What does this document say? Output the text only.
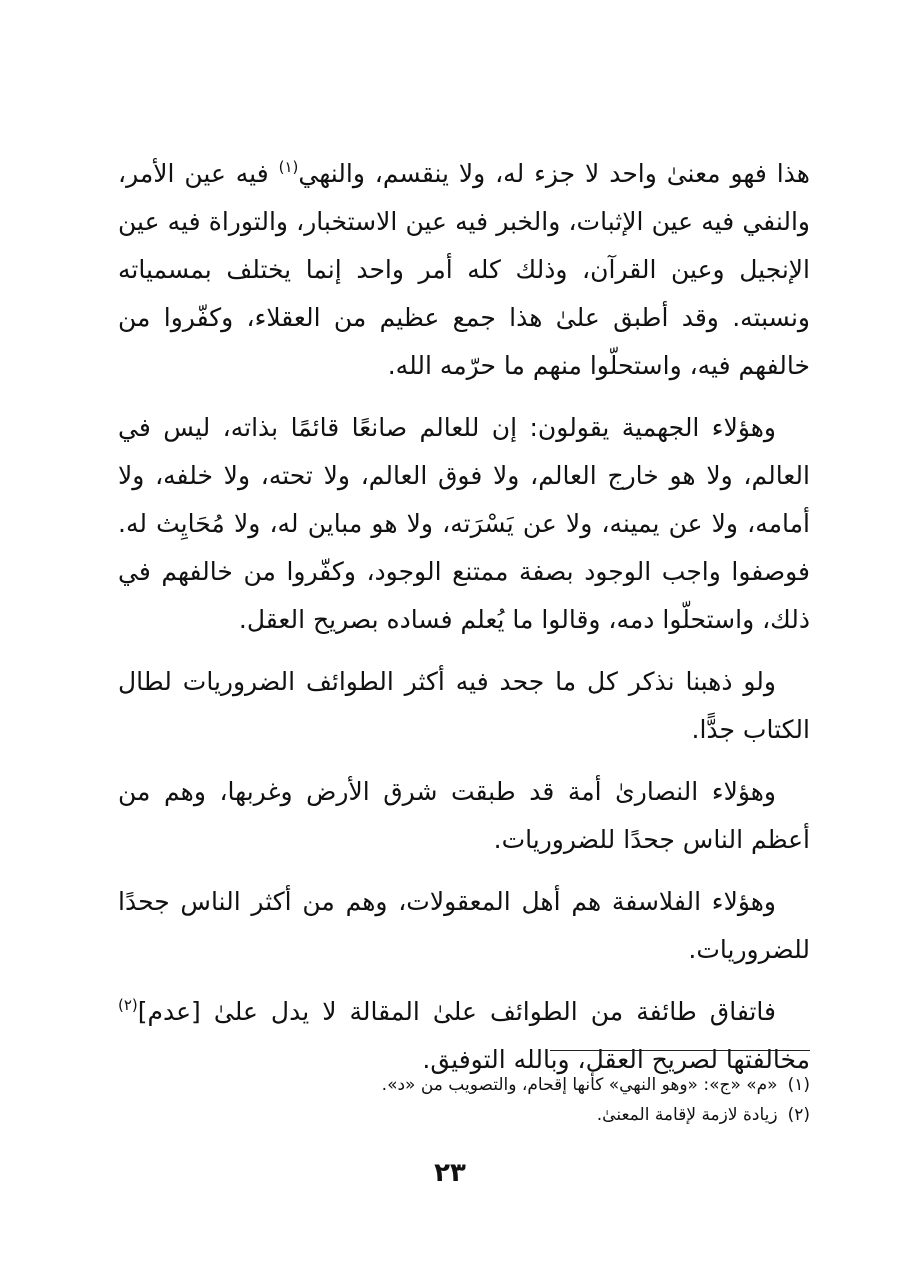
هذا فهو معنىٰ واحد لا جزء له، ولا ينقسم، والنهي$^{(١)}$ فيه عين الأمر، والنفي فيه عين الإثبات، والخبر فيه عين الاستخبار، والتوراة فيه عين الإنجيل وعين القرآن، وذلك كله أمر واحد إنما يختلف بمسمياته ونسبته. وقد أطبق علىٰ هذا جمع عظيم من العقلاء، وكفّروا من خالفهم فيه، واستحلّوا منهم ما حرّمه الله.

وهؤلاء الجهمية يقولون: إن للعالم صانعًا قائمًا بذاته، ليس في العالم، ولا هو خارج العالم، ولا فوق العالم، ولا تحته، ولا خلفه، ولا أمامه، ولا عن يمينه، ولا عن يَسْرَته، ولا هو مباين له، ولا مُحَايِث له. فوصفوا واجب الوجود بصفة ممتنع الوجود، وكفّروا من خالفهم في ذلك، واستحلّوا دمه، وقالوا ما يُعلم فساده بصريح العقل.

ولو ذهبنا نذكر كل ما جحد فيه أكثر الطوائف الضروريات لطال الكتاب جدًّا.

وهؤلاء النصارىٰ أمة قد طبقت شرق الأرض وغربها، وهم من أعظم الناس جحدًا للضروريات.

وهؤلاء الفلاسفة هم أهل المعقولات، وهم من أكثر الناس جحدًا للضروريات.

فاتفاق طائفة من الطوائف علىٰ المقالة لا يدل علىٰ [عدم]$^{(٢)}$ مخالفتها لصريح العقل، وبالله التوفيق.

(١)«م» «ج»: «وهو النهي» كأنها إقحام، والتصويب من «د».

(٢)زيادة لازمة لإقامة المعنىٰ.

٢٣
